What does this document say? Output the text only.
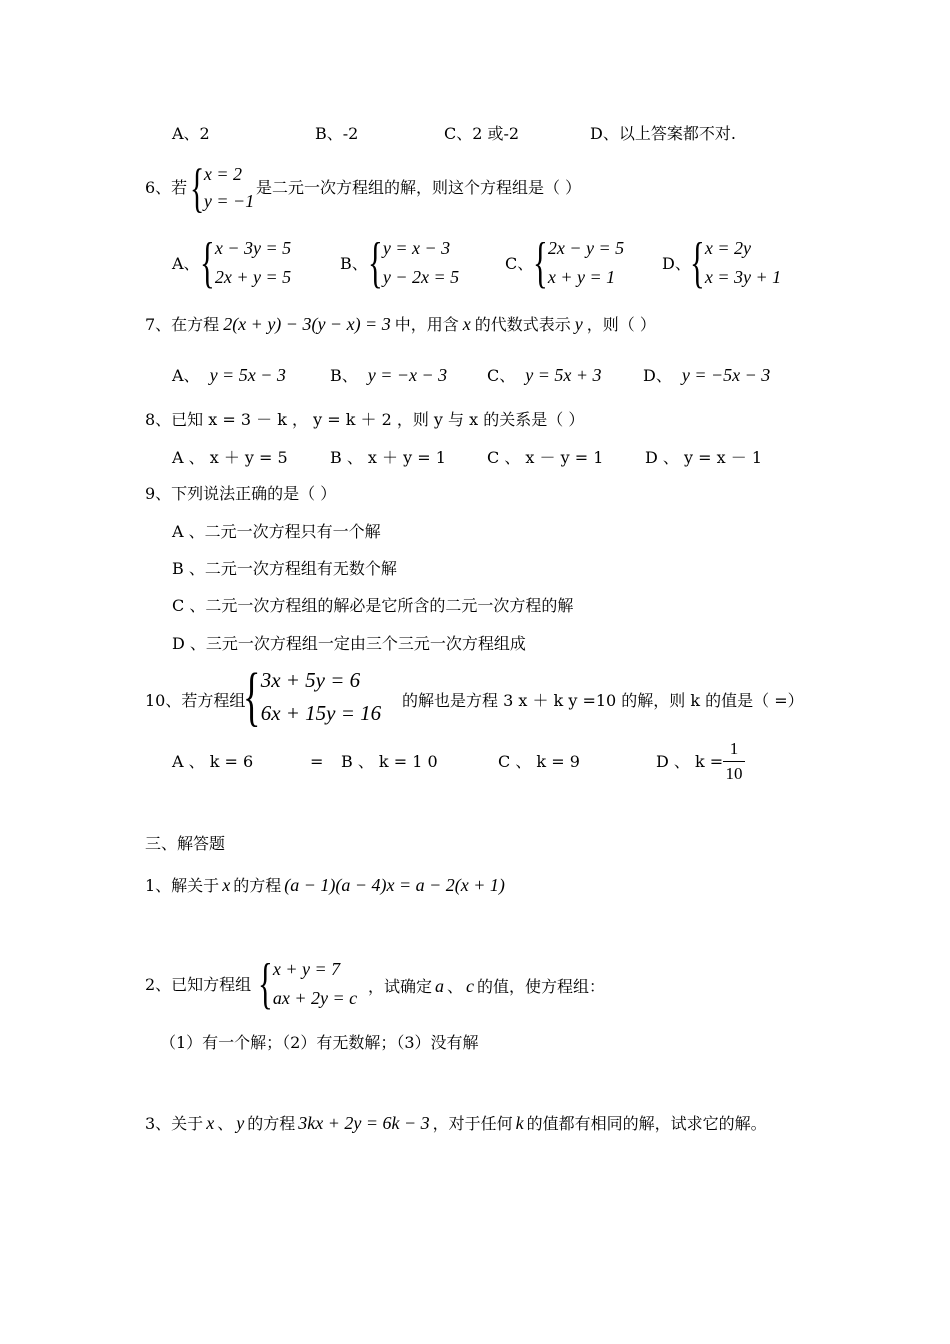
A、2	B、-2	C、2 或-2	D、以上答案都不对.
6、若 { x = 2
y = −1
是二元一次方程组的解，则这个方程组是（ ）
A、 { x − 3y = 5
2x + y = 5
B、 { y = x − 3
y − 2x = 5
C、 { 2x − y = 5
x + y = 1
D、 { x = 2y
x = 3y + 1
7、在方程 2(x + y) − 3(y − x) = 3 中，用含 x 的代数式表示 y ，则（ ）
A、 y = 5x − 3	B、 y = −x − 3 C、 y = 5x + 3	D、 y = −5x − 3
8、已知 x = 3 － k ， y = k ＋ 2 ，则 y 与 x 的关系是（ ）
A 、 x ＋ y = 5	B 、 x ＋ y = 1	C 、 x － y = 1	D 、 y = x － 1
9、下列说法正确的是（ ）
A 、二元一次方程只有一个解
B 、二元一次方程组有无数个解
C 、二元一次方程组的解必是它所含的二元一次方程的解
D 、三元一次方程组一定由三个三元一次方程组成
10、若方程组
{ 3x + 5y = 6
6x + 15y = 16
的解也是方程 3 x ＋ k y =10 的解，则 k 的值是（ =）
A 、 k = 6	= B 、 k = 1 0	C 、 k = 9	D 、 k =
1
10
三、解答题
1、解关于 x 的方程 (a − 1)(a − 4)x = a − 2(x + 1)
2、已知方程组 { x + y = 7
ax + 2y = c
，试确定 a 、 c 的值，使方程组：
（1）有一个解；（2）有无数解；（3）没有解
3、关于 x 、 y 的方程 3kx + 2y = 6k − 3 ，对于任何 k 的值都有相同的解，试求它的解。
